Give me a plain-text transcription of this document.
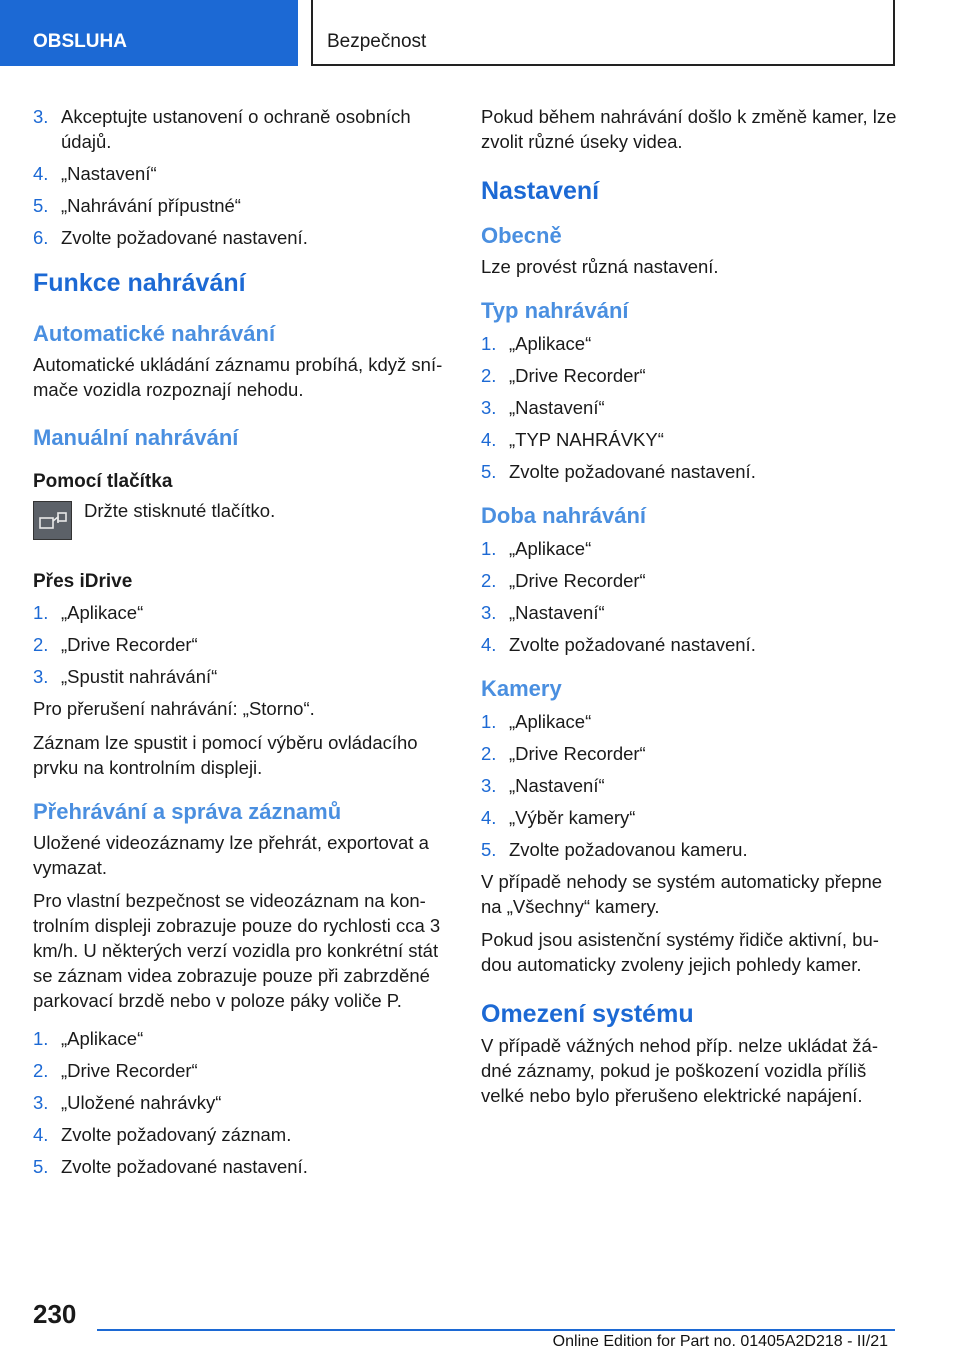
OBSLUHA	Bezpečnost
3. Akceptujte ustanovení o ochraně osobních údajů.
4. „Nastavení“
5. „Nahrávání přípustné“
6. Zvolte požadované nastavení.
Funkce nahrávání
Automatické nahrávání
Automatické ukládání záznamu probíhá, když snímače vozidla rozpoznají nehodu.
Manuální nahrávání
Pomocí tlačítka
Držte stisknuté tlačítko.
Přes iDrive
1. „Aplikace“
2. „Drive Recorder“
3. „Spustit nahrávání“
Pro přerušení nahrávání: „Storno“.
Záznam lze spustit i pomocí výběru ovládacího prvku na kontrolním displeji.
Přehrávání a správa záznamů
Uložené videozáznamy lze přehrát, exportovat a vymazat.
Pro vlastní bezpečnost se videozáznam na kontrolním displeji zobrazuje pouze do rychlosti cca 3 km/h. U některých verzí vozidla pro konkrétní stát se záznam videa zobrazuje pouze při zabrzděné parkovací brzdě nebo v poloze páky voliče P.
1. „Aplikace“
2. „Drive Recorder“
3. „Uložené nahrávky“
4. Zvolte požadovaný záznam.
5. Zvolte požadované nastavení.
Pokud během nahrávání došlo k změně kamer, lze zvolit různé úseky videa.
Nastavení
Obecně
Lze provést různá nastavení.
Typ nahrávání
1. „Aplikace“
2. „Drive Recorder“
3. „Nastavení“
4. „TYP NAHRÁVKY“
5. Zvolte požadované nastavení.
Doba nahrávání
1. „Aplikace“
2. „Drive Recorder“
3. „Nastavení“
4. Zvolte požadované nastavení.
Kamery
1. „Aplikace“
2. „Drive Recorder“
3. „Nastavení“
4. „Výběr kamery“
5. Zvolte požadovanou kameru.
V případě nehody se systém automaticky přepne na „Všechny“ kamery.
Pokud jsou asistenční systémy řidiče aktivní, budou automaticky zvoleny jejich pohledy kamer.
Omezení systému
V případě vážných nehod příp. nelze ukládat žádné záznamy, pokud je poškození vozidla příliš velké nebo bylo přerušeno elektrické napájení.
230
Online Edition for Part no. 01405A2D218 - II/21
